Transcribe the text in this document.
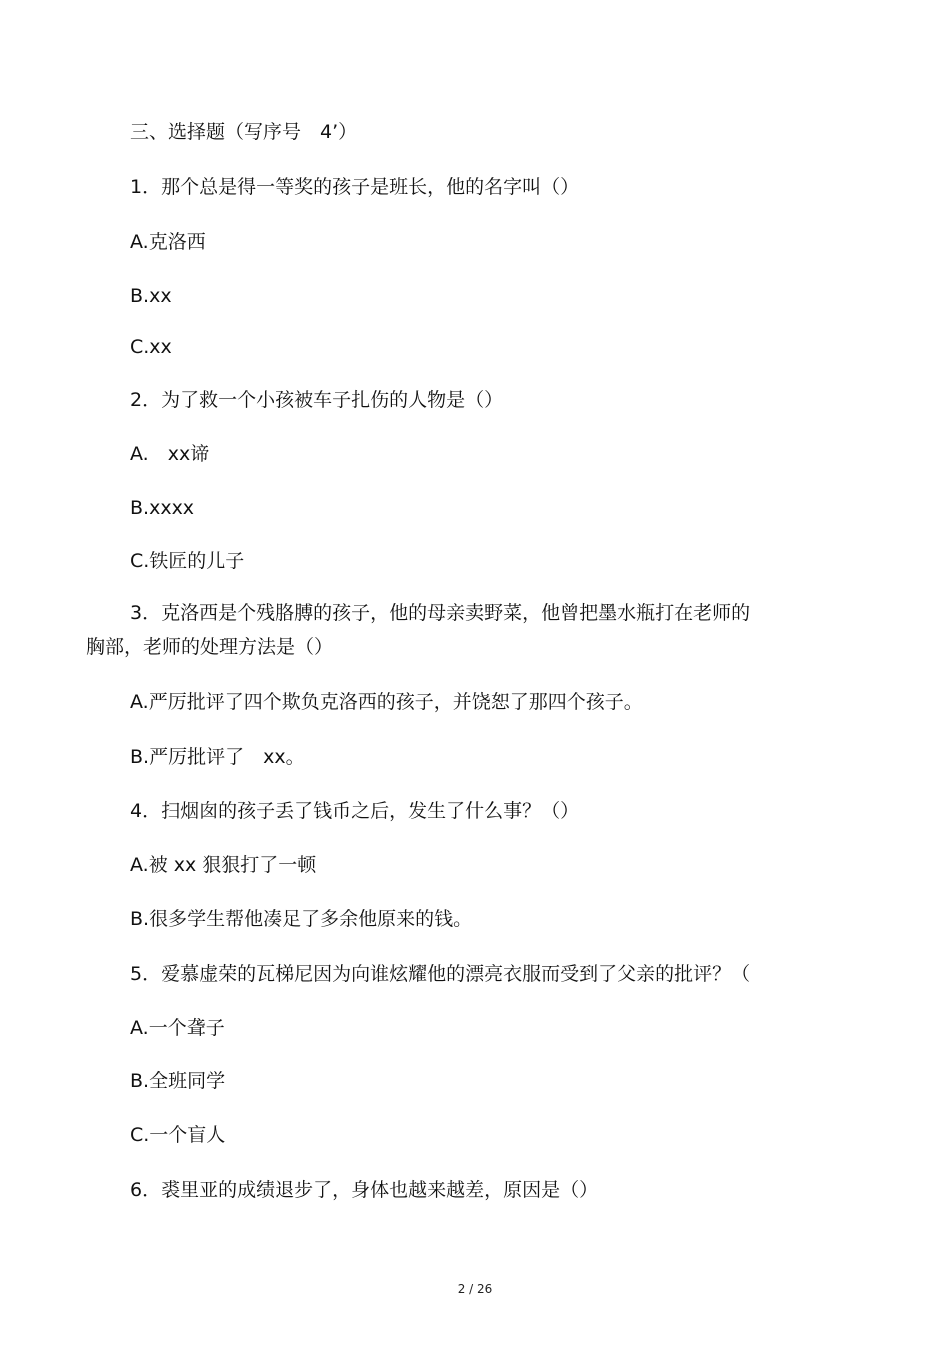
三、选择题（写序号　4’）
1．那个总是得一等奖的孩子是班长，他的名字叫（）
A.克洛西
B.xx
C.xx
2．为了救一个小孩被车子扎伤的人物是（）
A.　xx谛
B.xxxx
C.铁匠的儿子
3．克洛西是个残胳膊的孩子，他的母亲卖野菜，他曾把墨水瓶打在老师的
胸部，老师的处理方法是（）
A.严厉批评了四个欺负克洛西的孩子，并饶恕了那四个孩子。
B.严厉批评了　xx。
4．扫烟囱的孩子丢了钱币之后，发生了什么事？（）
A.被 xx 狠狠打了一顿
B.很多学生帮他凑足了多余他原来的钱。
5．爱慕虚荣的瓦梯尼因为向谁炫耀他的漂亮衣服而受到了父亲的批评？（
A.一个聋子
B.全班同学
C.一个盲人
6．裘里亚的成绩退步了，身体也越来越差，原因是（）
2 / 26
